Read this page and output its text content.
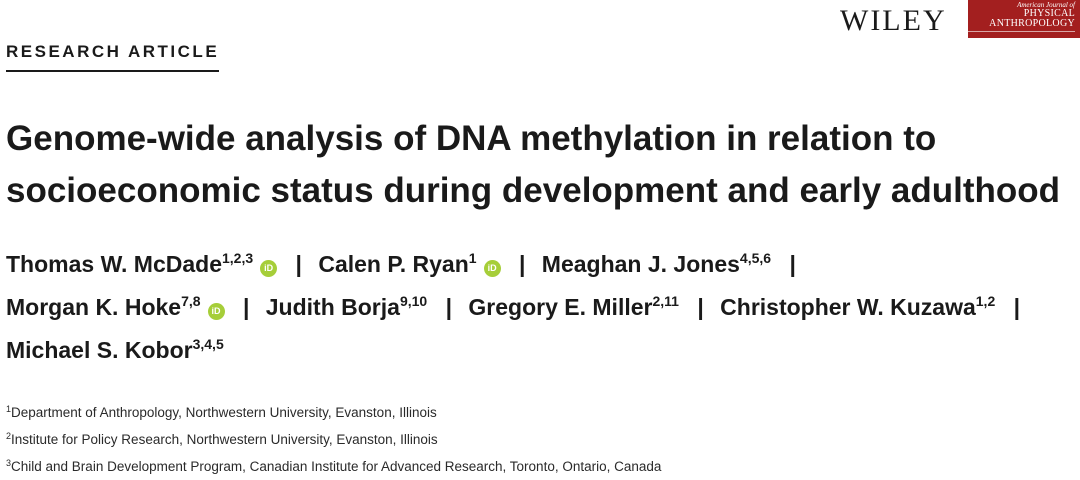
WILEY	American Journal of
PHYSICAL
ANTHROPOLOGY
RESEARCH ARTICLE
Genome-wide analysis of DNA methylation in relation to
socioeconomic status during development and early adulthood
Thomas W. McDade$^{1,2,3}$iD | Calen P. Ryan$^1$iD | Meaghan J. Jones$^{4,5,6}$ |
Morgan K. Hoke$^{7,8}$iD | Judith Borja$^{9,10}$ | Gregory E. Miller$^{2,11}$ | Christopher W. Kuzawa$^{1,2}$ |
Michael S. Kobor$^{3,4,5}$
$^1$Department of Anthropology, Northwestern University, Evanston, Illinois
$^2$Institute for Policy Research, Northwestern University, Evanston, Illinois
$^3$Child and Brain Development Program, Canadian Institute for Advanced Research, Toronto, Ontario, Canada
